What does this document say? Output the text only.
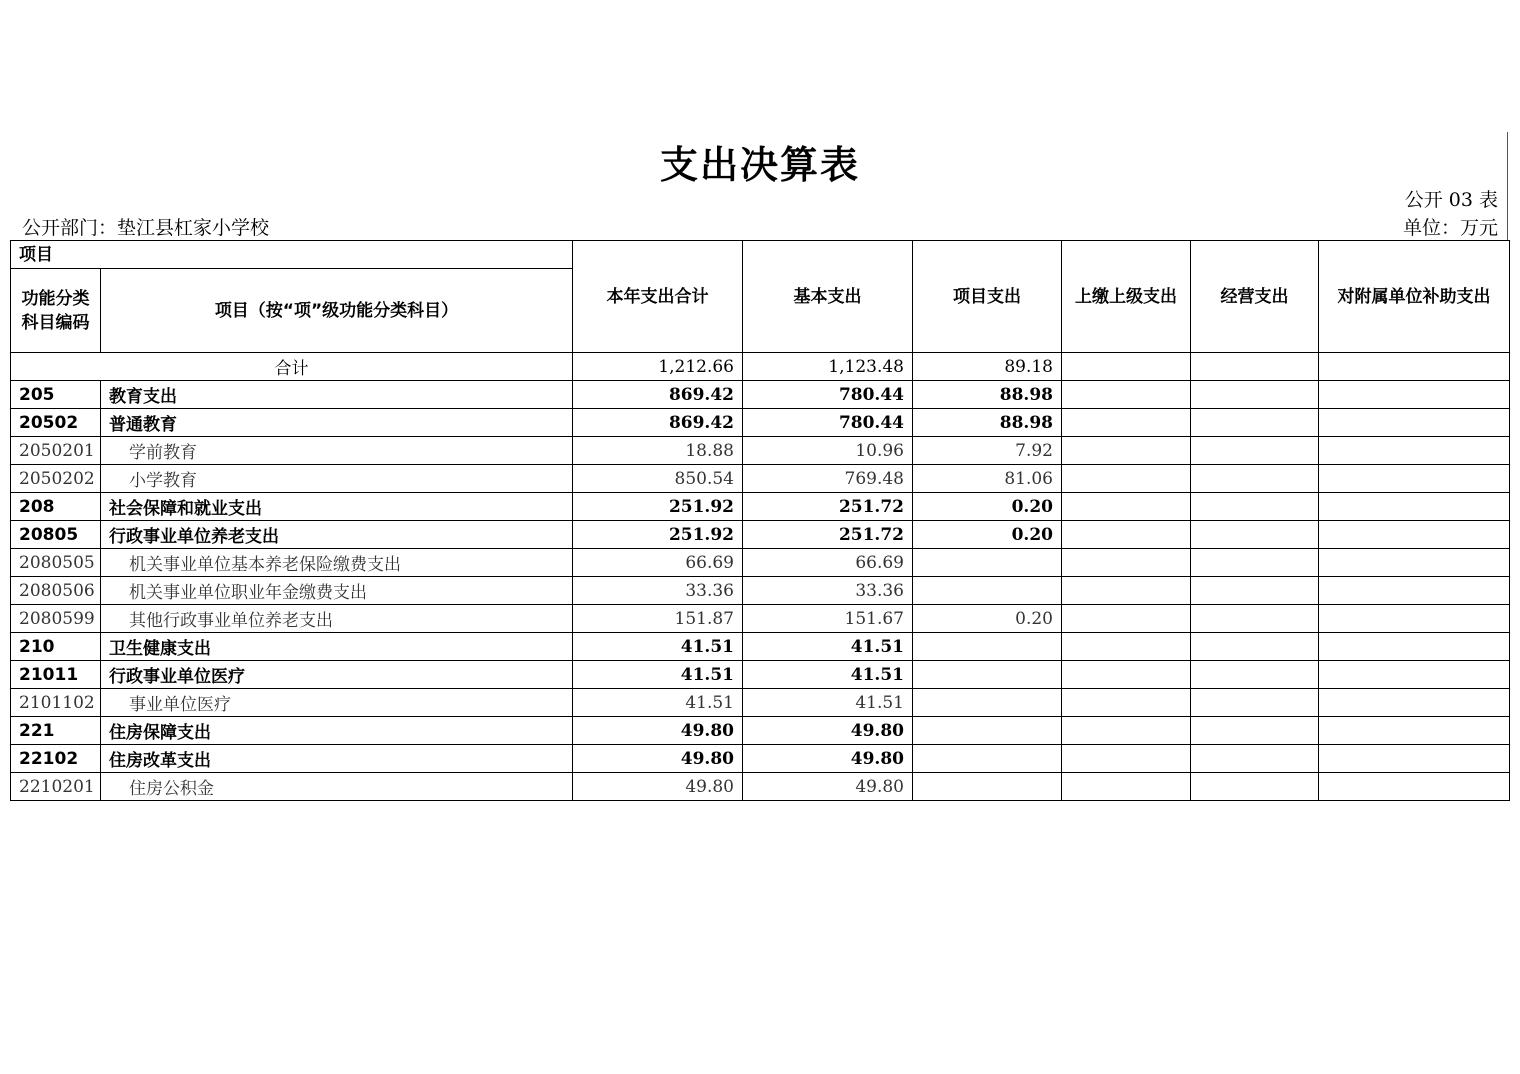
支出决算表
公开 03 表
公开部门：垫江县杠家小学校	单位：万元
项目		本年支出合计	基本支出	项目支出	上缴上级支出	经营支出	对附属单位补助支出
功能分类科目编码	项目（按“项”级功能分类科目）						
合计		1,212.66	1,123.48	89.18			
205	教育支出	869.42	780.44	88.98			
20502	普通教育	869.42	780.44	88.98			
2050201	学前教育	18.88	10.96	7.92			
2050202	小学教育	850.54	769.48	81.06			
208	社会保障和就业支出	251.92	251.72	0.20			
20805	行政事业单位养老支出	251.92	251.72	0.20			
2080505	机关事业单位基本养老保险缴费支出	66.69	66.69				
2080506	机关事业单位职业年金缴费支出	33.36	33.36				
2080599	其他行政事业单位养老支出	151.87	151.67	0.20			
210	卫生健康支出	41.51	41.51				
21011	行政事业单位医疗	41.51	41.51				
2101102	事业单位医疗	41.51	41.51				
221	住房保障支出	49.80	49.80				
22102	住房改革支出	49.80	49.80				
2210201	住房公积金	49.80	49.80				
